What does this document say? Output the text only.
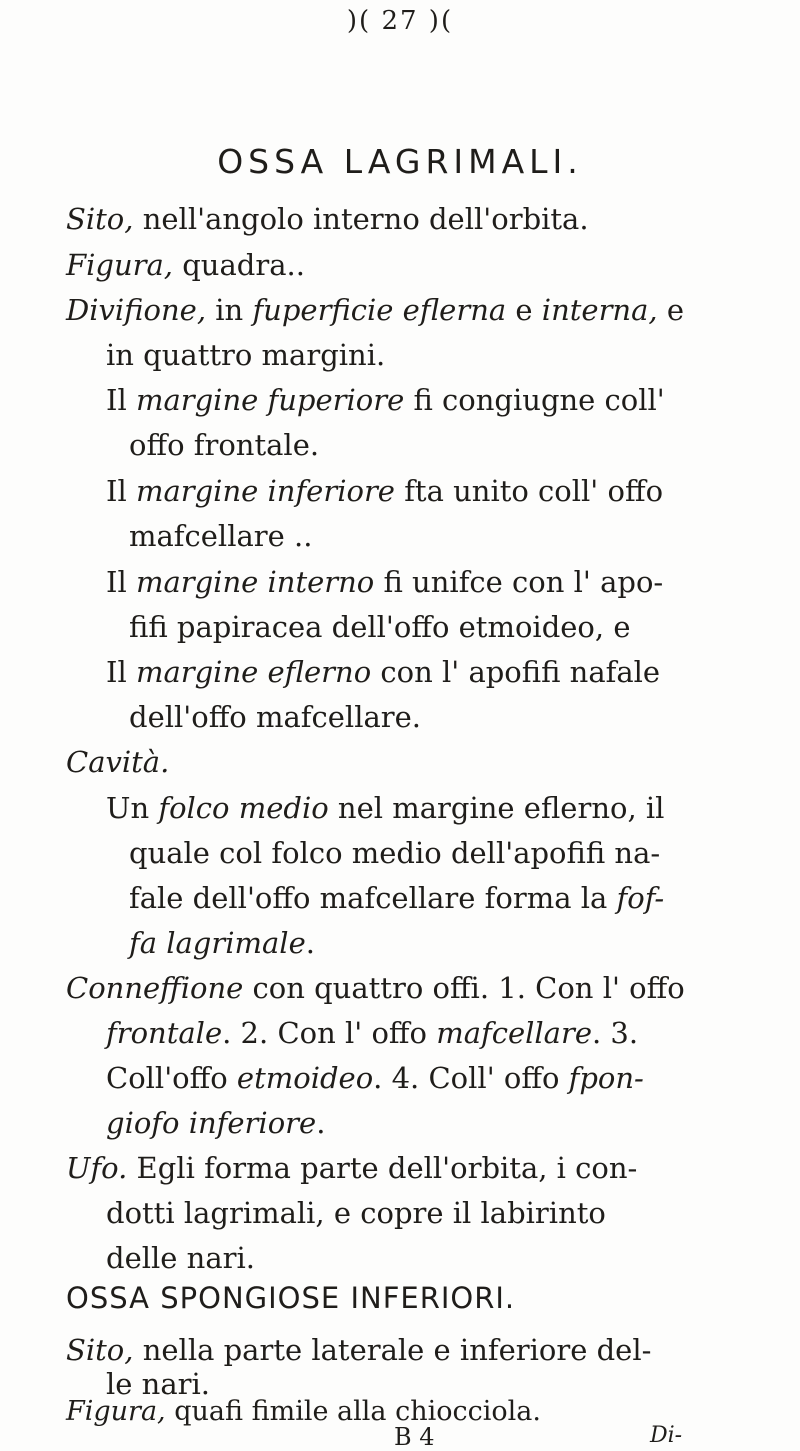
)( 27 )(
OSSA LAGRIMALI.
Sito, nell'angolo interno dell'orbita.
Figura, quadra..
Divifione, in fuperficie eflerna e interna, e
in quattro margini.
Il margine fuperiore fi congiugne coll'
offo frontale.
Il margine inferiore fta unito coll' offo
mafcellare ..
Il margine interno fi unifce con l' apo-
fifi papiracea dell'offo etmoideo, e
Il margine eflerno con l' apofifi nafale
dell'offo mafcellare.
Cavità.
Un folco medio nel margine eflerno, il
quale col folco medio dell'apofifi na-
fale dell'offo mafcellare forma la fof-
fa lagrimale.
Conneffione con quattro offi. 1. Con l' offo
frontale. 2. Con l' offo mafcellare. 3.
Coll'offo etmoideo. 4. Coll' offo fpon-
giofo inferiore.
Ufo. Egli forma parte dell'orbita, i con-
dotti lagrimali, e copre il labirinto
delle nari.
OSSA SPONGIOSE INFERIORI.
Sito, nella parte laterale e inferiore del-
le nari.
Figura, quafi fimile alla chiocciola.
B 4	Di-
